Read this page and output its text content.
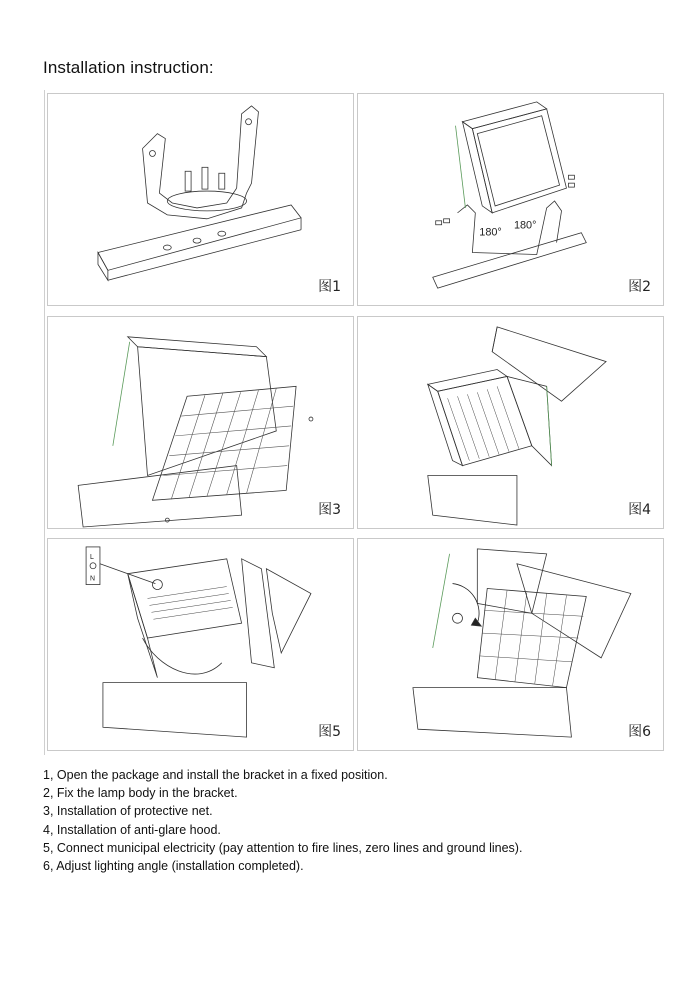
Installation instruction:
图1
180°
180°
图2
图3	图4
L
N
图5	图6
1, Open the package and install the bracket in a fixed position.
2, Fix the lamp body in the bracket.
3, Installation of protective net.
4, Installation of anti-glare hood.
5, Connect municipal electricity (pay attention to fire lines, zero lines and ground lines).
6, Adjust lighting angle (installation completed).
